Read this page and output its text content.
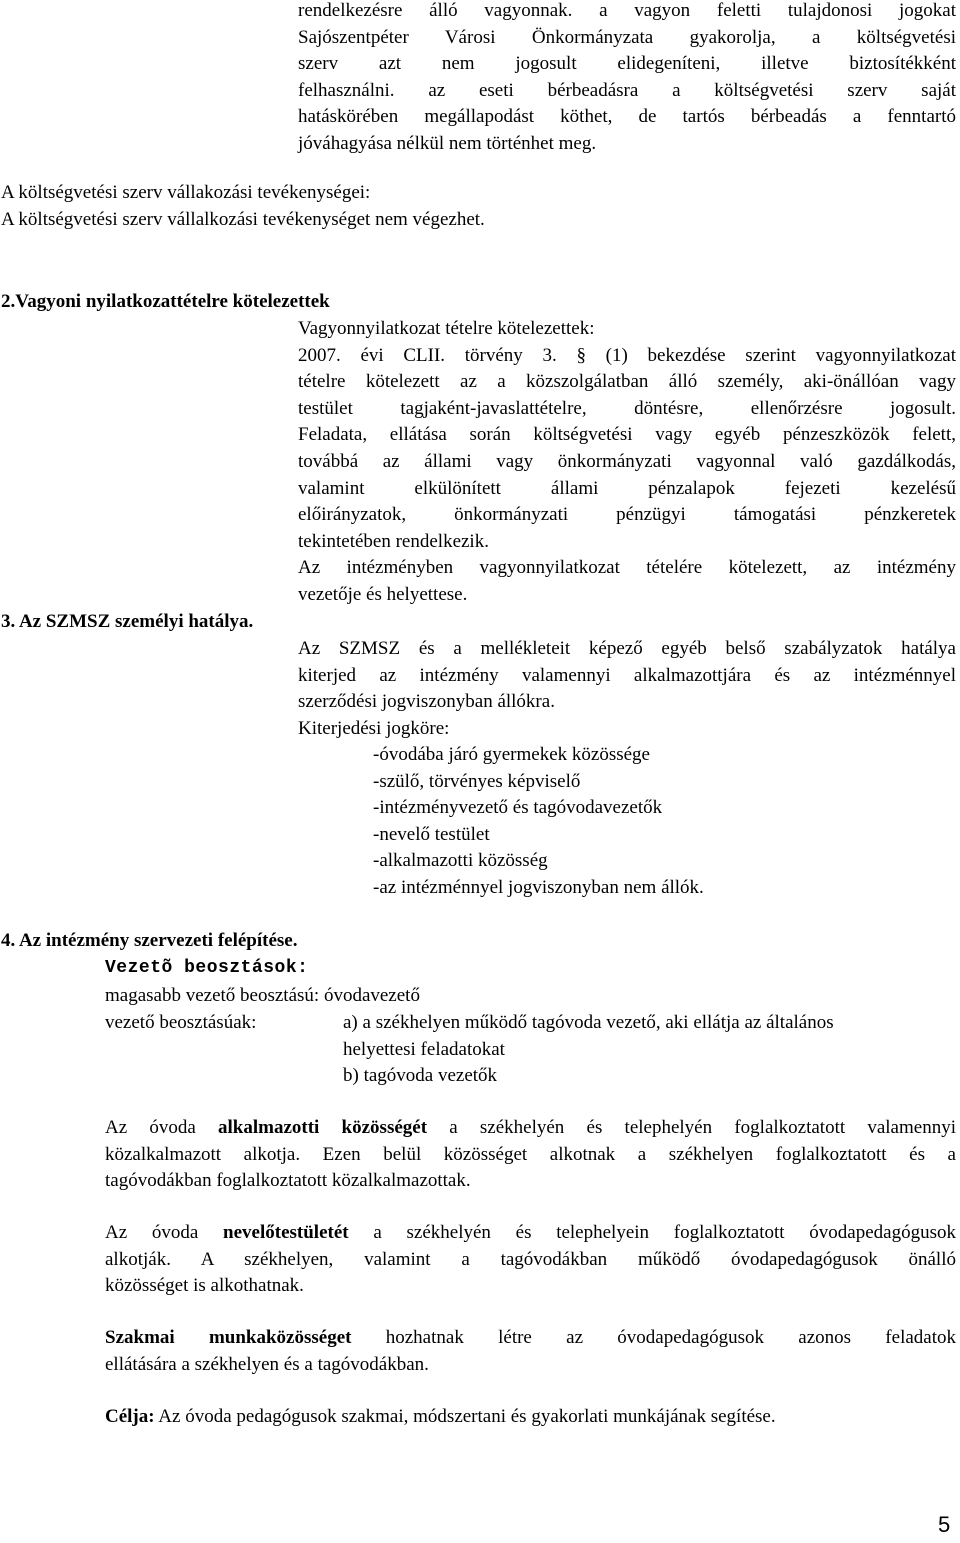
rendelkezésre álló vagyonnak. a vagyon feletti tulajdonosi jogokat
Sajószentpéter Városi Önkormányzata gyakorolja, a költségvetési
szerv azt nem jogosult elidegeníteni, illetve biztosítékként
felhasználni. az eseti bérbeadásra a költségvetési szerv saját
hatáskörében megállapodást köthet, de tartós bérbeadás a fenntartó
jóváhagyása nélkül nem történhet meg.
A költségvetési szerv vállakozási tevékenységei:
A költségvetési szerv vállalkozási tevékenységet nem végezhet.
2.Vagyoni nyilatkozattételre kötelezettek
Vagyonnyilatkozat tételre kötelezettek:
2007. évi CLII. törvény 3. § (1) bekezdése szerint vagyonnyilatkozat
tételre kötelezett az a közszolgálatban álló személy, aki-önállóan vagy
testület tagjaként-javaslattételre, döntésre, ellenőrzésre jogosult.
Feladata, ellátása során költségvetési vagy egyéb pénzeszközök felett,
továbbá az állami vagy önkormányzati vagyonnal való gazdálkodás,
valamint elkülönített állami pénzalapok fejezeti kezelésű
előirányzatok, önkormányzati pénzügyi támogatási pénzkeretek
tekintetében rendelkezik.
Az intézményben vagyonnyilatkozat tételére kötelezett, az intézmény
vezetője és helyettese.
3. Az SZMSZ személyi hatálya.
Az SZMSZ és a mellékleteit képező egyéb belső szabályzatok hatálya
kiterjed az intézmény valamennyi alkalmazottjára és az intézménnyel
szerződési jogviszonyban állókra.
Kiterjedési jogköre:
-óvodába járó gyermekek közössége
-szülő, törvényes képviselő
-intézményvezető és tagóvodavezetők
-nevelő testület
-alkalmazotti közösség
-az intézménnyel jogviszonyban nem állók.
4. Az intézmény szervezeti felépítése.
Vezetõ beosztások:
magasabb vezető beosztású: óvodavezető
vezető beosztásúak:	a) a székhelyen működő tagóvoda vezető, aki ellátja az általános
helyettesi feladatokat
b) tagóvoda vezetők
Az óvoda alkalmazotti közösségét a székhelyén és telephelyén foglalkoztatott valamennyi
közalkalmazott alkotja. Ezen belül közösséget alkotnak a székhelyen foglalkoztatott és a
tagóvodákban foglalkoztatott közalkalmazottak.
Az óvoda nevelőtestületét a székhelyén és telephelyein foglalkoztatott óvodapedagógusok
alkotják. A székhelyen, valamint a tagóvodákban működő óvodapedagógusok önálló
közösséget is alkothatnak.
Szakmai munkaközösséget hozhatnak létre az óvodapedagógusok azonos feladatok
ellátására a székhelyen és a tagóvodákban.
Célja: Az óvoda pedagógusok szakmai, módszertani és gyakorlati munkájának segítése.
5
